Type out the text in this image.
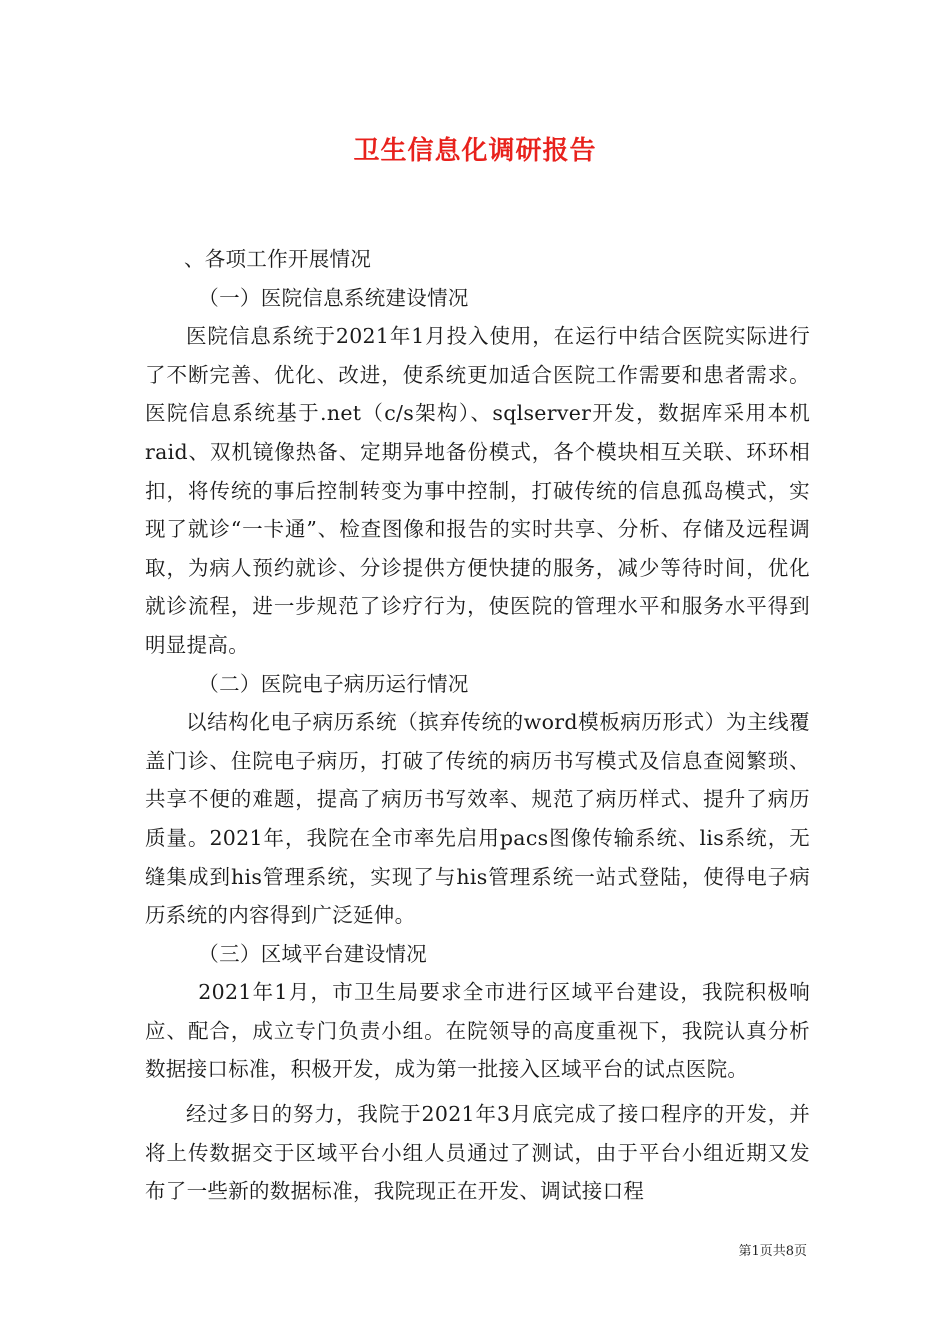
卫生信息化调研报告

、各项工作开展情况

（一）医院信息系统建设情况

医院信息系统于2021年1月投入使用，在运行中结合医院实际进行了不断完善、优化、改进，使系统更加适合医院工作需要和患者需求。医院信息系统基于.net（c/s架构）、sqlserver开发，数据库采用本机raid、双机镜像热备、定期异地备份模式，各个模块相互关联、环环相扣，将传统的事后控制转变为事中控制，打破传统的信息孤岛模式，实现了就诊“一卡通”、检查图像和报告的实时共享、分析、存储及远程调取，为病人预约就诊、分诊提供方便快捷的服务，减少等待时间，优化就诊流程，进一步规范了诊疗行为，使医院的管理水平和服务水平得到明显提高。

（二）医院电子病历运行情况

以结构化电子病历系统（摈弃传统的word模板病历形式）为主线覆盖门诊、住院电子病历，打破了传统的病历书写模式及信息查阅繁琐、共享不便的难题，提高了病历书写效率、规范了病历样式、提升了病历质量。2021年，我院在全市率先启用pacs图像传输系统、lis系统，无缝集成到his管理系统，实现了与his管理系统一站式登陆，使得电子病历系统的内容得到广泛延伸。

（三）区域平台建设情况

2021年1月，市卫生局要求全市进行区域平台建设，我院积极响应、配合，成立专门负责小组。在院领导的高度重视下，我院认真分析数据接口标准，积极开发，成为第一批接入区域平台的试点医院。

经过多日的努力，我院于2021年3月底完成了接口程序的开发，并将上传数据交于区域平台小组人员通过了测试，由于平台小组近期又发布了一些新的数据标准，我院现正在开发、调试接口程

第1页共8页
